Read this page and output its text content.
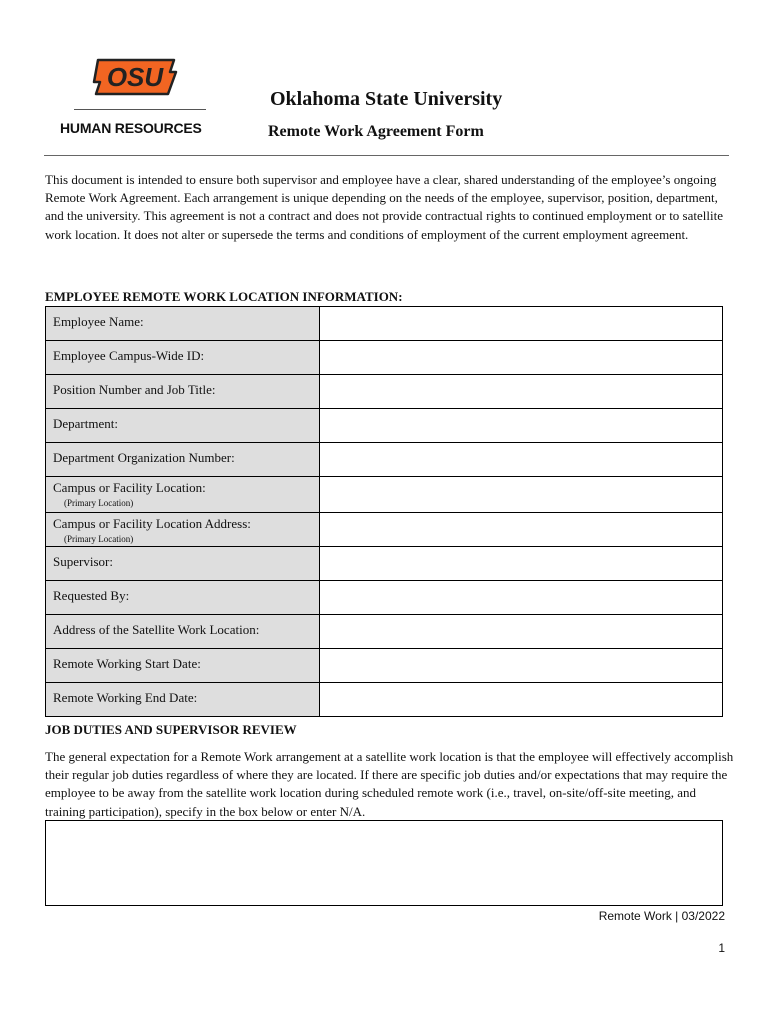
OSU
HUMAN RESOURCES
Oklahoma State University
Remote Work Agreement Form
This document is intended to ensure both supervisor and employee have a clear, shared understanding of the employee’s ongoing Remote Work Agreement. Each arrangement is unique depending on the needs of the employee, supervisor, position, department, and the university. This agreement is not a contract and does not provide contractual rights to continued employment or to satellite work location. It does not alter or supersede the terms and conditions of employment of the current employment agreement.
EMPLOYEE REMOTE WORK LOCATION INFORMATION:
Employee Name:	

Employee Campus-Wide ID:	

Position Number and Job Title:	

Department:	

Department Organization Number:	

Campus or Facility Location:
(Primary Location)	

Campus or Facility Location Address:
(Primary Location)	

Supervisor:	

Requested By:	

Address of the Satellite Work Location:	

Remote Working Start Date:	

Remote Working End Date:	

JOB DUTIES AND SUPERVISOR REVIEW
The general expectation for a Remote Work arrangement at a satellite work location is that the employee will effectively accomplish their regular job duties regardless of where they are located. If there are specific job duties and/or expectations that may require the employee to be away from the satellite work location during scheduled remote work (i.e., travel, on-site/off-site meeting, and training participation), specify in the box below or enter N/A.
Remote Work | 03/2022
1
